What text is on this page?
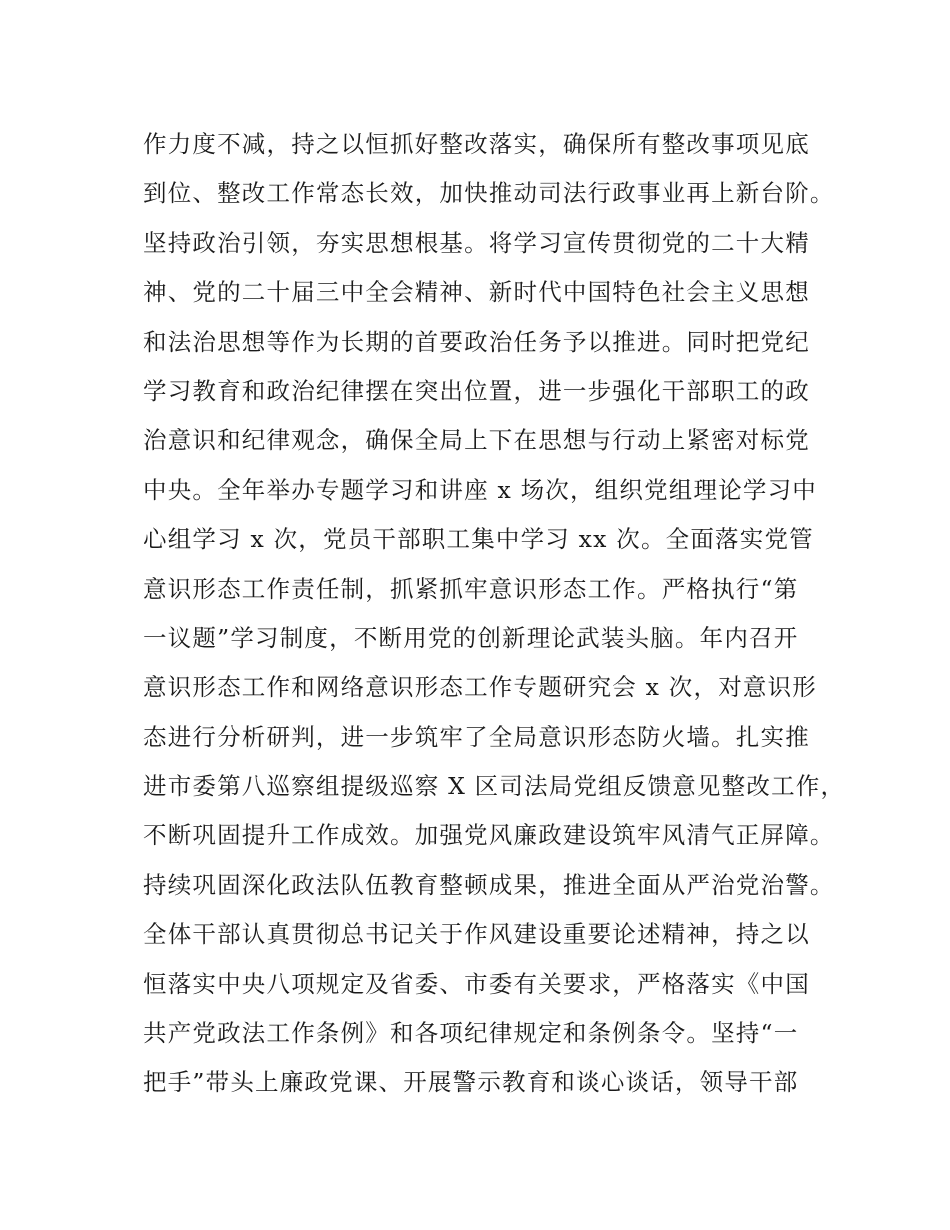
作力度不减，持之以恒抓好整改落实，确保所有整改事项见底
到位、整改工作常态长效，加快推动司法行政事业再上新台阶。
坚持政治引领，夯实思想根基。将学习宣传贯彻党的二十大精
神、党的二十届三中全会精神、新时代中国特色社会主义思想
和法治思想等作为长期的首要政治任务予以推进。同时把党纪
学习教育和政治纪律摆在突出位置，进一步强化干部职工的政
治意识和纪律观念，确保全局上下在思想与行动上紧密对标党
中央。全年举办专题学习和讲座 x 场次，组织党组理论学习中
心组学习 x 次，党员干部职工集中学习 xx 次。全面落实党管
意识形态工作责任制，抓紧抓牢意识形态工作。严格执行“第
一议题”学习制度，不断用党的创新理论武装头脑。年内召开
意识形态工作和网络意识形态工作专题研究会 x 次，对意识形
态进行分析研判，进一步筑牢了全局意识形态防火墙。扎实推
进市委第八巡察组提级巡察 X 区司法局党组反馈意见整改工作，
不断巩固提升工作成效。加强党风廉政建设筑牢风清气正屏障。
持续巩固深化政法队伍教育整顿成果，推进全面从严治党治警。
全体干部认真贯彻总书记关于作风建设重要论述精神，持之以
恒落实中央八项规定及省委、市委有关要求，严格落实《中国
共产党政法工作条例》和各项纪律规定和条例条令。坚持“一
把手”带头上廉政党课、开展警示教育和谈心谈话，领导干部
